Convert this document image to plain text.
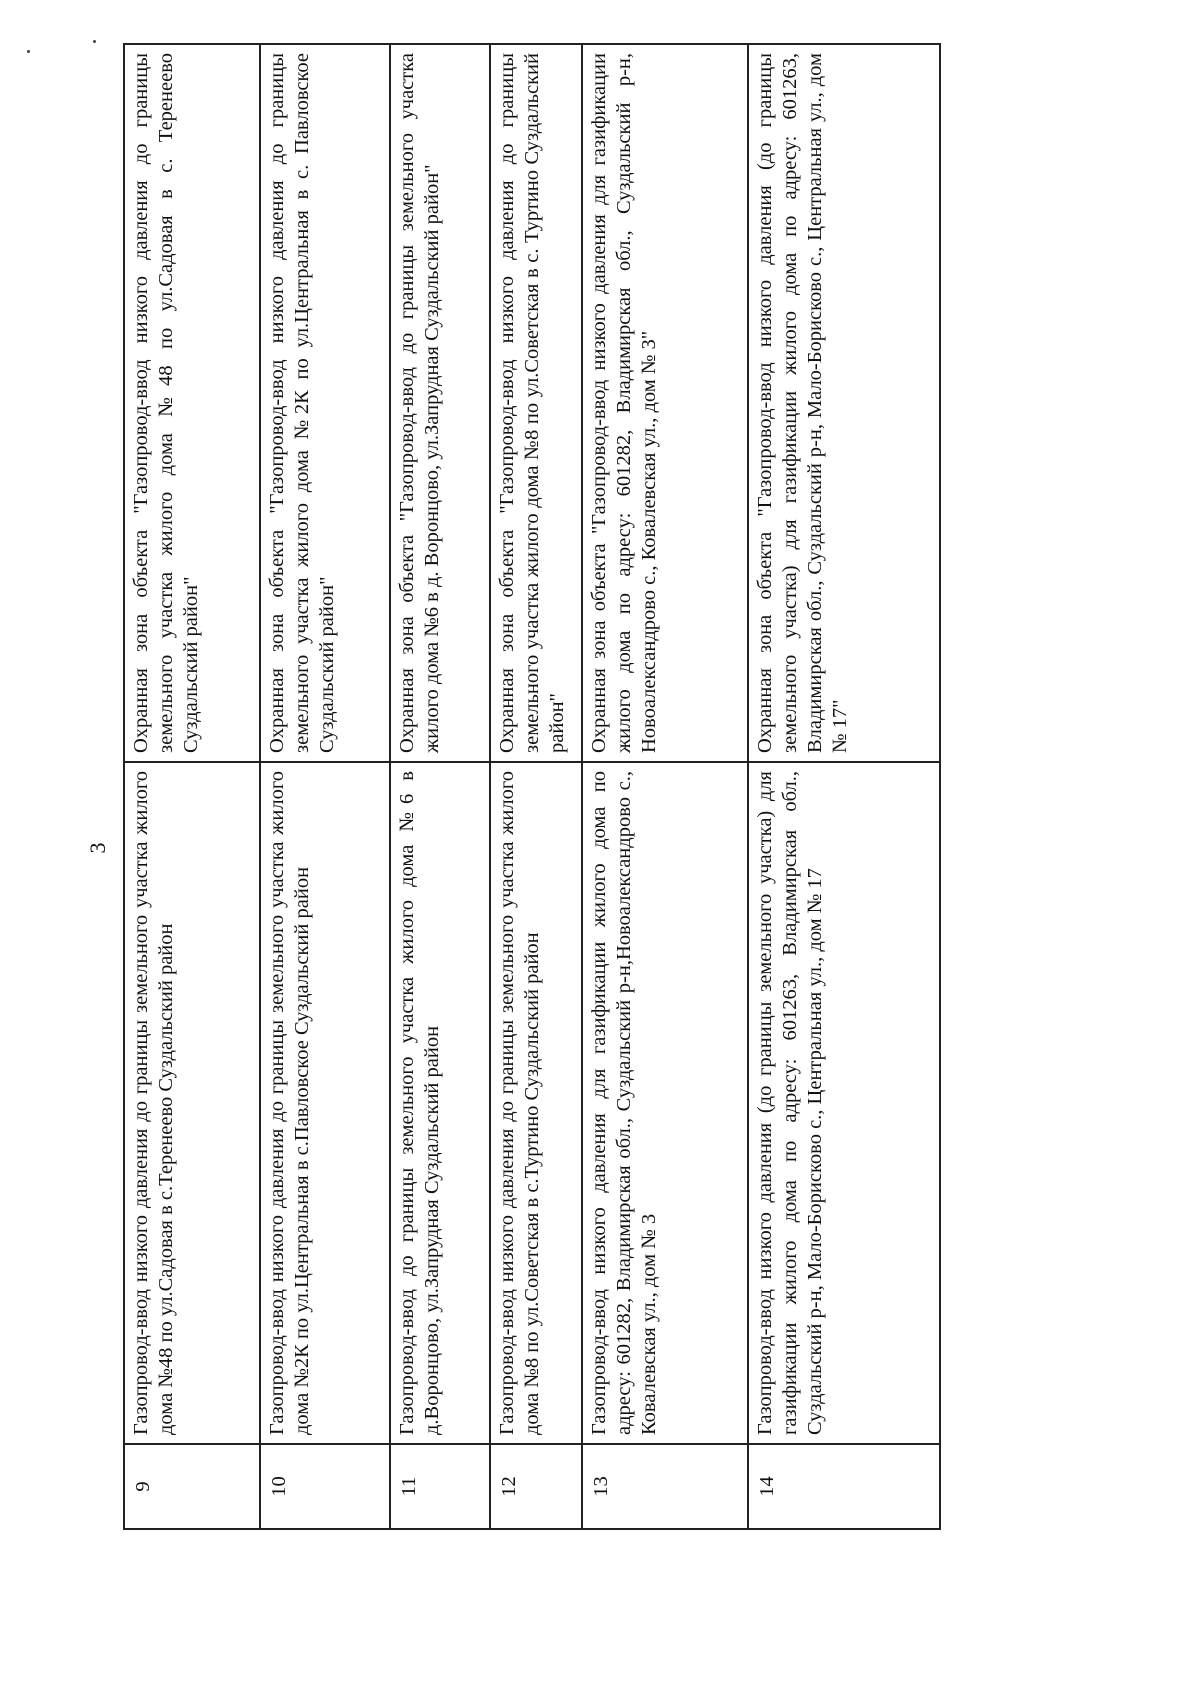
3
9	Газопровод-ввод низкого давления до границы земельного участка жилого дома №48 по ул.Садовая в с.Теренеево Суздальский район	Охранная зона объекта "Газопровод-ввод низкого давления до границы земельного участка жилого дома №48 по ул.Садовая в с. Теренеево Суздальский район"
10	Газопровод-ввод низкого давления до границы земельного участка жилого дома №2К по ул.Центральная в с.Павловское Суздальский район	Охранная зона объекта "Газопровод-ввод низкого давления до границы земельного участка жилого дома №2К по ул.Центральная в с. Павловское Суздальский район"
11	Газопровод-ввод до границы земельного участка жилого дома №6 в д.Воронцово, ул.Запрудная Суздальский район	Охранная зона объекта "Газопровод-ввод до границы земельного участка жилого дома №6 в д. Воронцово, ул.Запрудная Суздальский район"
12	Газопровод-ввод низкого давления до границы земельного участка жилого дома №8 по ул.Советская в с.Туртино Суздальский район	Охранная зона объекта "Газопровод-ввод низкого давления до границы земельного участка жилого дома №8 по ул.Советская в с. Туртино Суздальский район"
13	Газопровод-ввод низкого давления для газификации жилого дома по адресу: 601282, Владимирская обл., Суздальский р-н,Новоалександрово с., Ковалевская ул., дом № 3	Охранная зона объекта "Газопровод-ввод низкого давления для газификации жилого дома по адресу: 601282, Владимирская обл., Суздальский р-н, Новоалександрово с., Ковалевская ул., дом № 3"
14	Газопровод-ввод низкого давления (до границы земельного участка) для газификации жилого дома по адресу: 601263, Владимирская обл., Суздальский р-н, Мало-Борисково с., Центральная ул., дом № 17	Охранная зона объекта "Газопровод-ввод низкого давления (до границы земельного участка) для газификации жилого дома по адресу: 601263, Владимирская обл., Суздальский р-н, Мало-Борисково с., Центральная ул., дом № 17"
